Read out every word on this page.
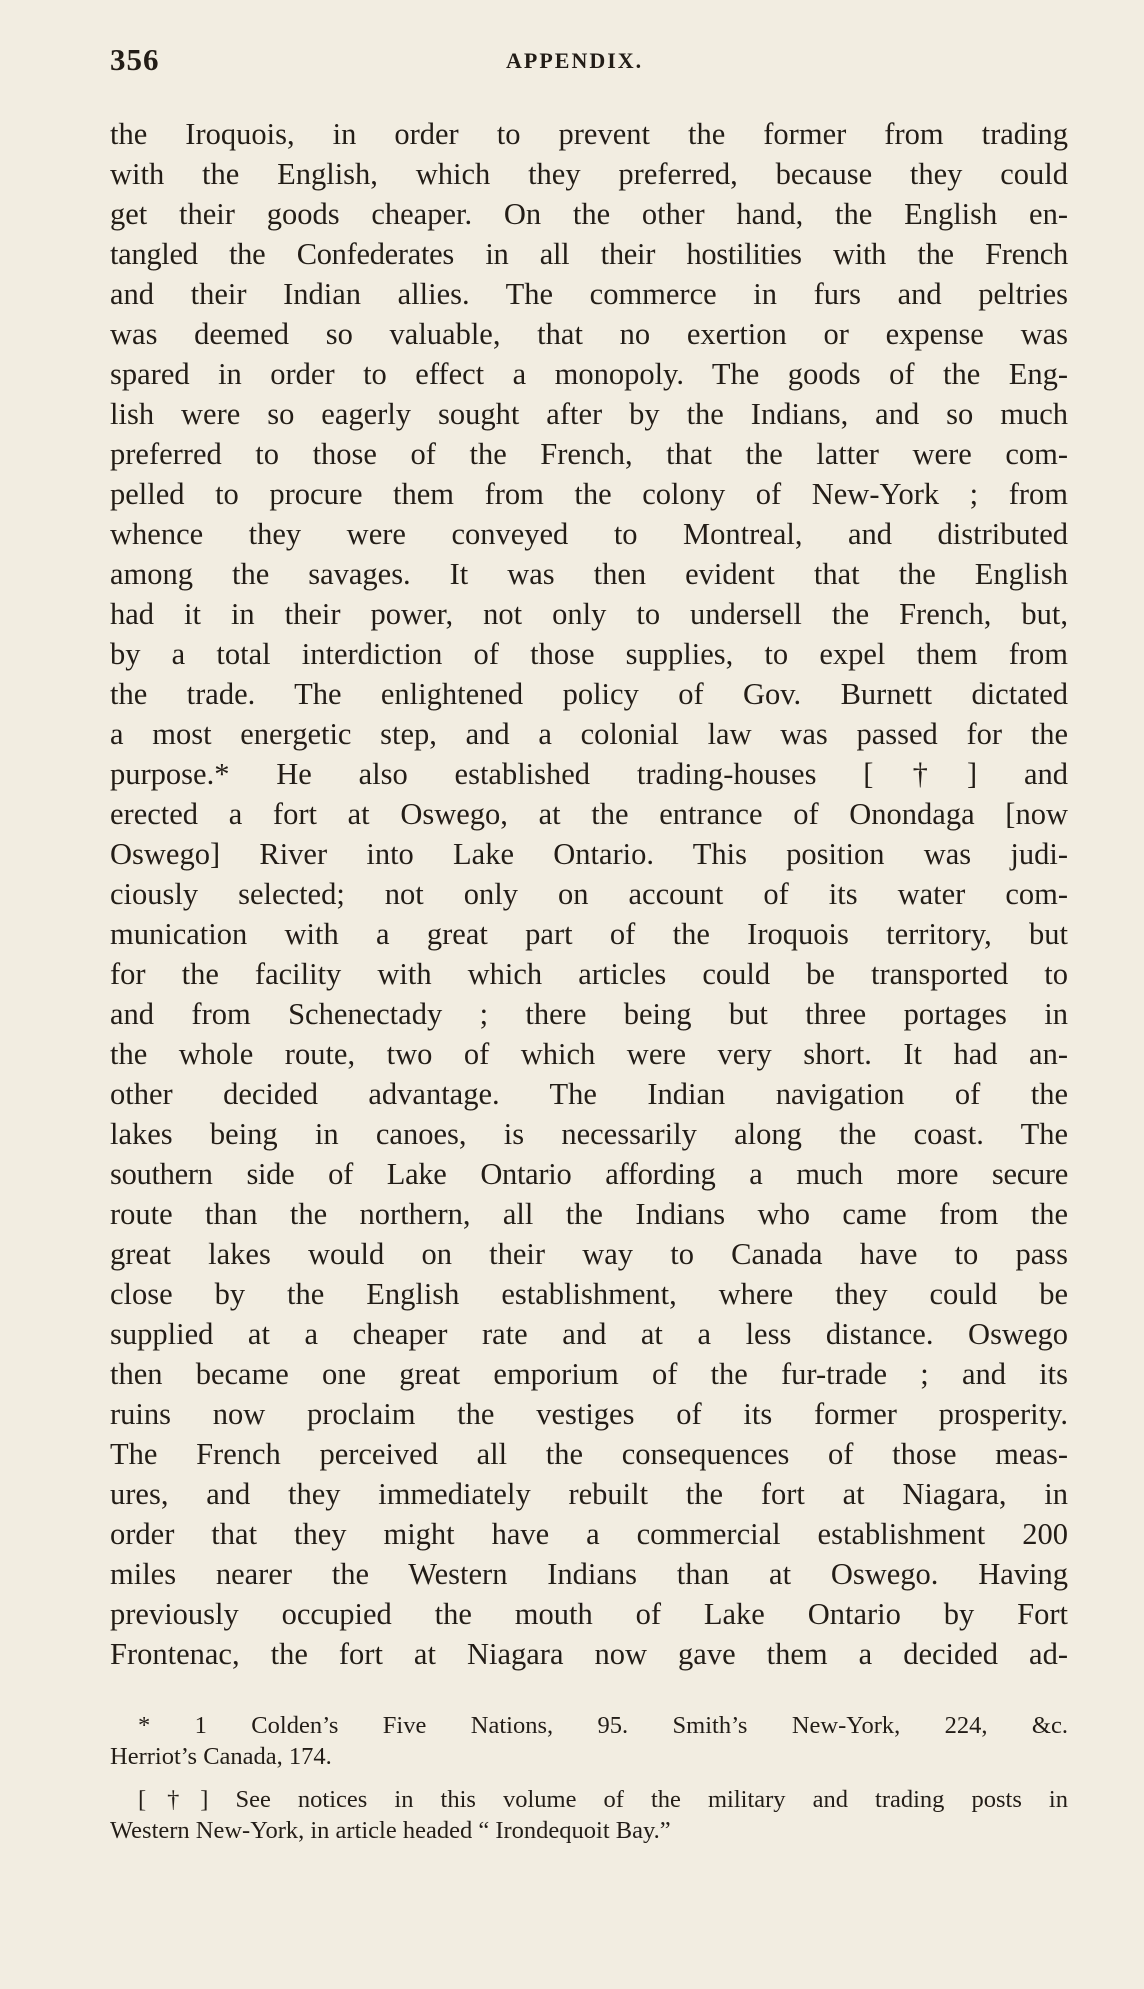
356	APPENDIX.
the Iroquois, in order to prevent the former from trading
with the English, which they preferred, because they could
get their goods cheaper. On the other hand, the English en-
tangled the Confederates in all their hostilities with the French
and their Indian allies. The commerce in furs and peltries
was deemed so valuable, that no exertion or expense was
spared in order to effect a monopoly. The goods of the Eng-
lish were so eagerly sought after by the Indians, and so much
preferred to those of the French, that the latter were com-
pelled to procure them from the colony of New-York ; from
whence they were conveyed to Montreal, and distributed
among the savages. It was then evident that the English
had it in their power, not only to undersell the French, but,
by a total interdiction of those supplies, to expel them from
the trade. The enlightened policy of Gov. Burnett dictated
a most energetic step, and a colonial law was passed for the
purpose.* He also established trading-houses [†] and
erected a fort at Oswego, at the entrance of Onondaga [now
Oswego] River into Lake Ontario. This position was judi-
ciously selected; not only on account of its water com-
munication with a great part of the Iroquois territory, but
for the facility with which articles could be transported to
and from Schenectady ; there being but three portages in
the whole route, two of which were very short. It had an-
other decided advantage. The Indian navigation of the
lakes being in canoes, is necessarily along the coast. The
southern side of Lake Ontario affording a much more secure
route than the northern, all the Indians who came from the
great lakes would on their way to Canada have to pass
close by the English establishment, where they could be
supplied at a cheaper rate and at a less distance. Oswego
then became one great emporium of the fur-trade ; and its
ruins now proclaim the vestiges of its former prosperity.
The French perceived all the consequences of those meas-
ures, and they immediately rebuilt the fort at Niagara, in
order that they might have a commercial establishment 200
miles nearer the Western Indians than at Oswego. Having
previously occupied the mouth of Lake Ontario by Fort
Frontenac, the fort at Niagara now gave them a decided ad-
* 1 Colden’s Five Nations, 95. Smith’s New-York, 224, &c.
Herriot’s Canada, 174.
[†] See notices in this volume of the military and trading posts in
Western New-York, in article headed “ Irondequoit Bay.”
